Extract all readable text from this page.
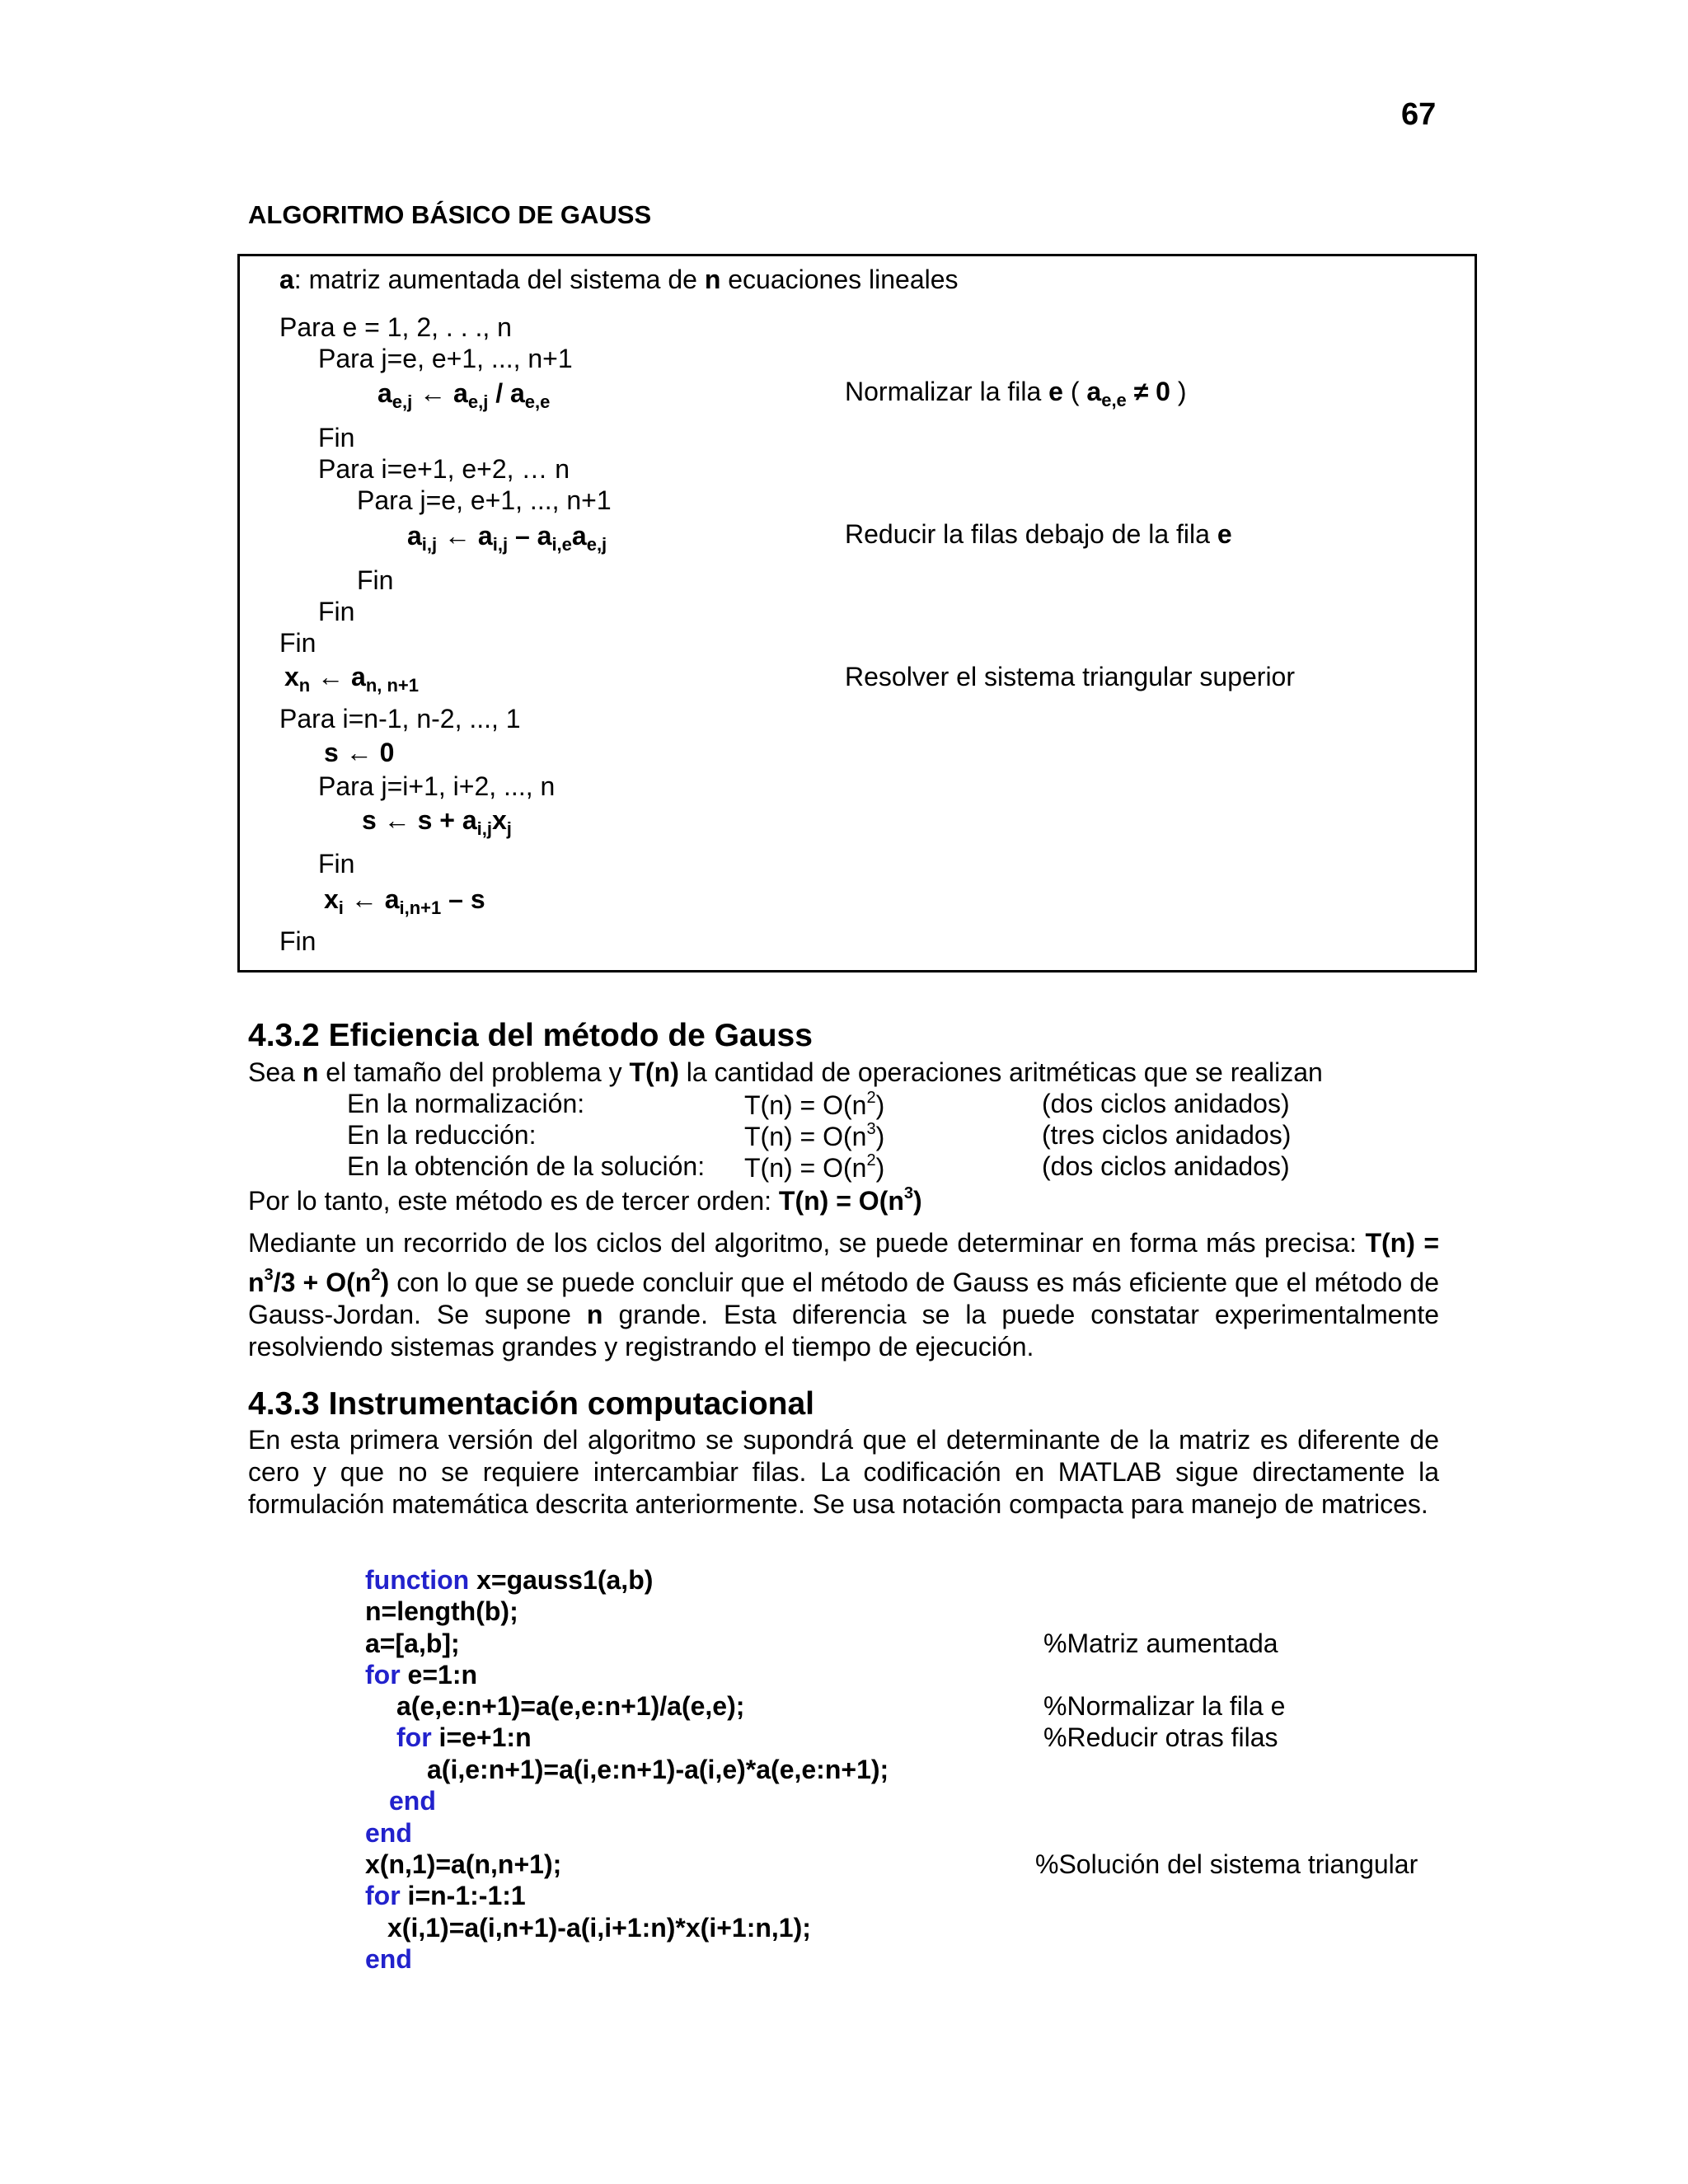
67
ALGORITMO BÁSICO DE GAUSS
a: matriz aumentada del sistema de n ecuaciones lineales
Para e = 1, 2, . . ., n
Para j=e, e+1, ..., n+1
$a_{e,j}$ ← $a_{e,j} / a_{e,e}$	Normalizar la fila e ( $a_{e,e} \ne 0$ )
Fin
Para i=e+1, e+2, … n
Para j=e, e+1, ..., n+1
$a_{i,j}$ ← $a_{i,j} - a_{i,e}a_{e,j}$	Reducir la filas debajo de la fila e
Fin
Fin
Fin
$x_n$ ← $a_{n, n+1}$	Resolver el sistema triangular superior
Para i=n-1, n-2, ..., 1
s ← 0
Para j=i+1, i+2, ..., n
s ← $s + a_{i,j}x_j$
Fin
$x_i$ ← $a_{i,n+1}$ – s
Fin
4.3.2 Eficiencia del método de Gauss
Sea n el tamaño del problema y T(n) la cantidad de operaciones aritméticas que se realizan
En la normalización:	$T(n) = O(n^2)$	(dos ciclos anidados)
En la reducción:	$T(n) = O(n^3)$	(tres ciclos anidados)
En la obtención de la solución: $T(n) = O(n^2)$	(dos ciclos anidados)
Por lo tanto, este método es de tercer orden: $T(n) = O(n^3)$
Mediante un recorrido de los ciclos del algoritmo, se puede determinar en forma más precisa: $T(n) = n^3/3 + O(n^2)$ con lo que se puede concluir que el método de Gauss es más eficiente que el método de Gauss-Jordan. Se supone n grande. Esta diferencia se la puede constatar experimentalmente resolviendo sistemas grandes y registrando el tiempo de ejecución.
4.3.3 Instrumentación computacional
En esta primera versión del algoritmo se supondrá que el determinante de la matriz es diferente de cero y que no se requiere intercambiar filas. La codificación en MATLAB sigue directamente la formulación matemática descrita anteriormente. Se usa notación compacta para manejo de matrices.
function x=gauss1(a,b)
n=length(b);
a=[a,b];	%Matriz aumentada
for e=1:n
a(e,e:n+1)=a(e,e:n+1)/a(e,e);	%Normalizar la fila e
for i=e+1:n	%Reducir otras filas
a(i,e:n+1)=a(i,e:n+1)-a(i,e)*a(e,e:n+1);
end
end
x(n,1)=a(n,n+1);	%Solución del sistema triangular
for i=n-1:-1:1
x(i,1)=a(i,n+1)-a(i,i+1:n)*x(i+1:n,1);
end
